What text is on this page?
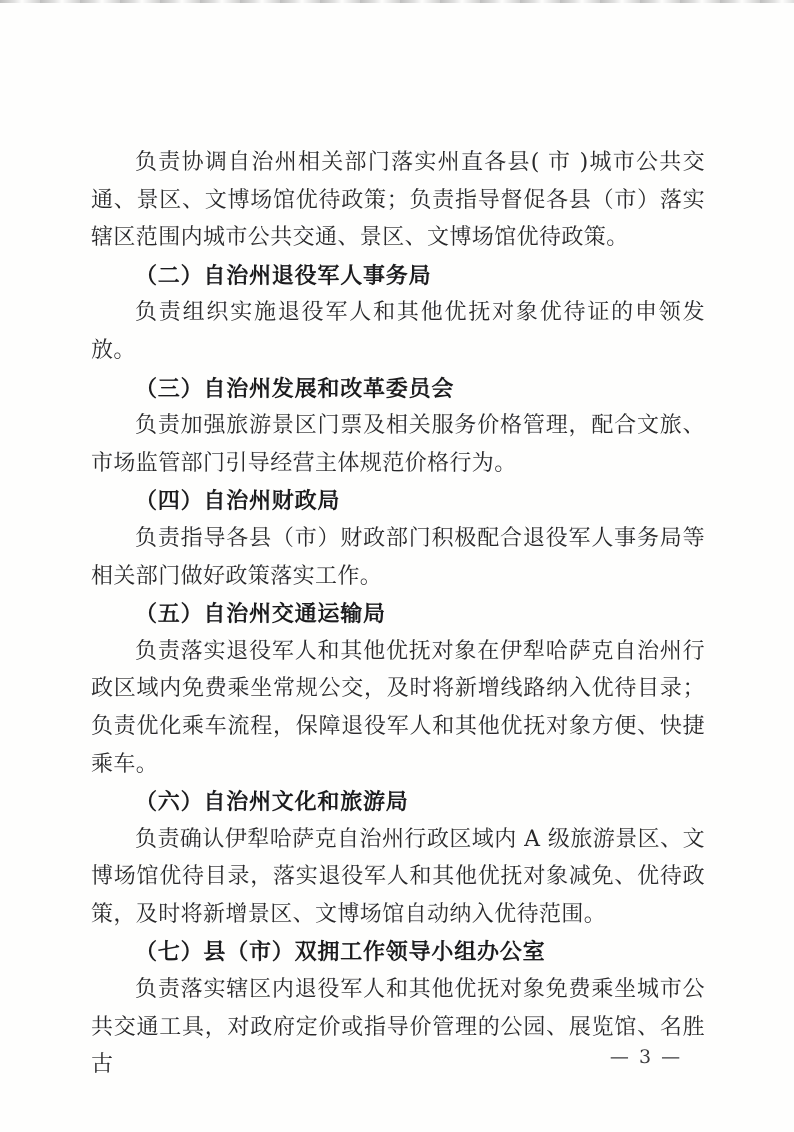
负责协调自治州相关部门落实州直各县( 市 )城市公共交通、景区、文博场馆优待政策；负责指导督促各县（市）落实辖区范围内城市公共交通、景区、文博场馆优待政策。

（二）自治州退役军人事务局

负责组织实施退役军人和其他优抚对象优待证的申领发放。

（三）自治州发展和改革委员会

负责加强旅游景区门票及相关服务价格管理，配合文旅、市场监管部门引导经营主体规范价格行为。

（四）自治州财政局

负责指导各县（市）财政部门积极配合退役军人事务局等相关部门做好政策落实工作。

（五）自治州交通运输局

负责落实退役军人和其他优抚对象在伊犁哈萨克自治州行政区域内免费乘坐常规公交，及时将新增线路纳入优待目录；负责优化乘车流程，保障退役军人和其他优抚对象方便、快捷乘车。

（六）自治州文化和旅游局

负责确认伊犁哈萨克自治州行政区域内 A 级旅游景区、文博场馆优待目录，落实退役军人和其他优抚对象减免、优待政策，及时将新增景区、文博场馆自动纳入优待范围。

（七）县（市）双拥工作领导小组办公室

负责落实辖区内退役军人和其他优抚对象免费乘坐城市公共交通工具，对政府定价或指导价管理的公园、展览馆、名胜古	— 3 —
